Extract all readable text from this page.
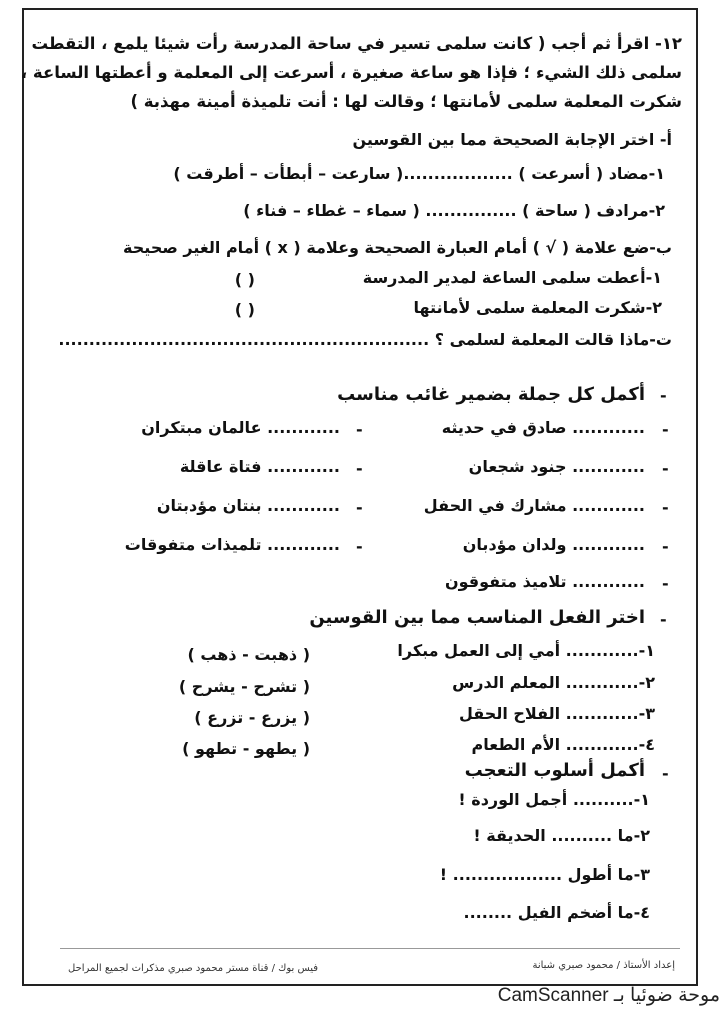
١٢- اقرأ ثم أجب ( كانت سلمى تسير في ساحة المدرسة رأت شيئا يلمع ، التقطت
سلمى ذلك الشيء ؛ فإذا هو ساعة صغيرة ، أسرعت إلى المعلمة و أعطتها الساعة ،
شكرت المعلمة سلمى لأمانتها ؛ وقالت لها : أنت تلميذة أمينة مهذبة )
أ- اختر الإجابة الصحيحة مما بين القوسين
١-مضاد ( أسرعت ) ..................( سارعت – أبطأت – أطرقت )
٢-مرادف ( ساحة ) ............... ( سماء – غطاء – فناء )
ب-ضع علامة ( √ ) أمام العبارة الصحيحة وعلامة ( x ) أمام الغير صحيحة
١-أعطت سلمى الساعة لمدير المدرسة
( )
٢-شكرت المعلمة سلمى لأمانتها
( )
ت-ماذا قالت المعلمة لسلمى ؟ .............................................................
-
أكمل كل جملة بضمير غائب مناسب
-
............ صادق في حديثه
-
............ جنود شجعان
-
............ مشارك في الحفل
-
............ ولدان مؤدبان
-
............ تلاميذ متفوقون
-
............ عالمان مبتكران
-
............ فتاة عاقلة
-
............ بنتان مؤدبتان
-
............ تلميذات متفوقات
-
اختر الفعل المناسب مما بين القوسين
١-............ أمي إلى العمل مبكرا
٢-............ المعلم الدرس
٣-............ الفلاح الحقل
٤-............ الأم الطعام
( ذهبت - ذهب )
( تشرح - يشرح )
( يزرع - تزرع )
( يطهو - تطهو )
-
أكمل أسلوب التعجب
١-.......... أجمل الوردة !
٢-ما .......... الحديقة !
٣-ما أطول .................. !
٤-ما أضخم الفيل ........
إعداد الأستاذ / محمود صبري شبانة
فيس بوك / قناة مستر محمود صبري مذكرات لجميع المراحل
موحة ضوئيا بـ CamScanner
